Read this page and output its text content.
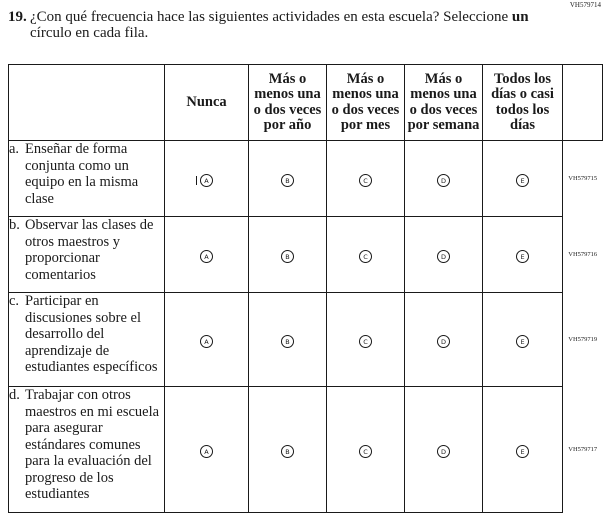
VH579714
19. ¿Con qué frecuencia hace las siguientes actividades en esta escuela? Seleccione un
círculo en cada fila.
	Nunca	Más o menos una o dos veces por año	Más o menos una o dos veces por mes	Más o menos una o dos veces por semana	Todos los días o casi todos los días	

a. Enseñar de forma conjunta como un equipo en la misma clase	A	B	C	D	E	VH579715

b. Observar las clases de otros maestros y proporcionar comentarios	A	B	C	D	E	VH579716

c. Participar en discusiones sobre el desarrollo del aprendizaje de estudiantes específicos	A	B	C	D	E	VH579719

d. Trabajar con otros maestros en mi escuela para asegurar estándares comunes para la evaluación del progreso de los estudiantes	A	B	C	D	E	VH579717
